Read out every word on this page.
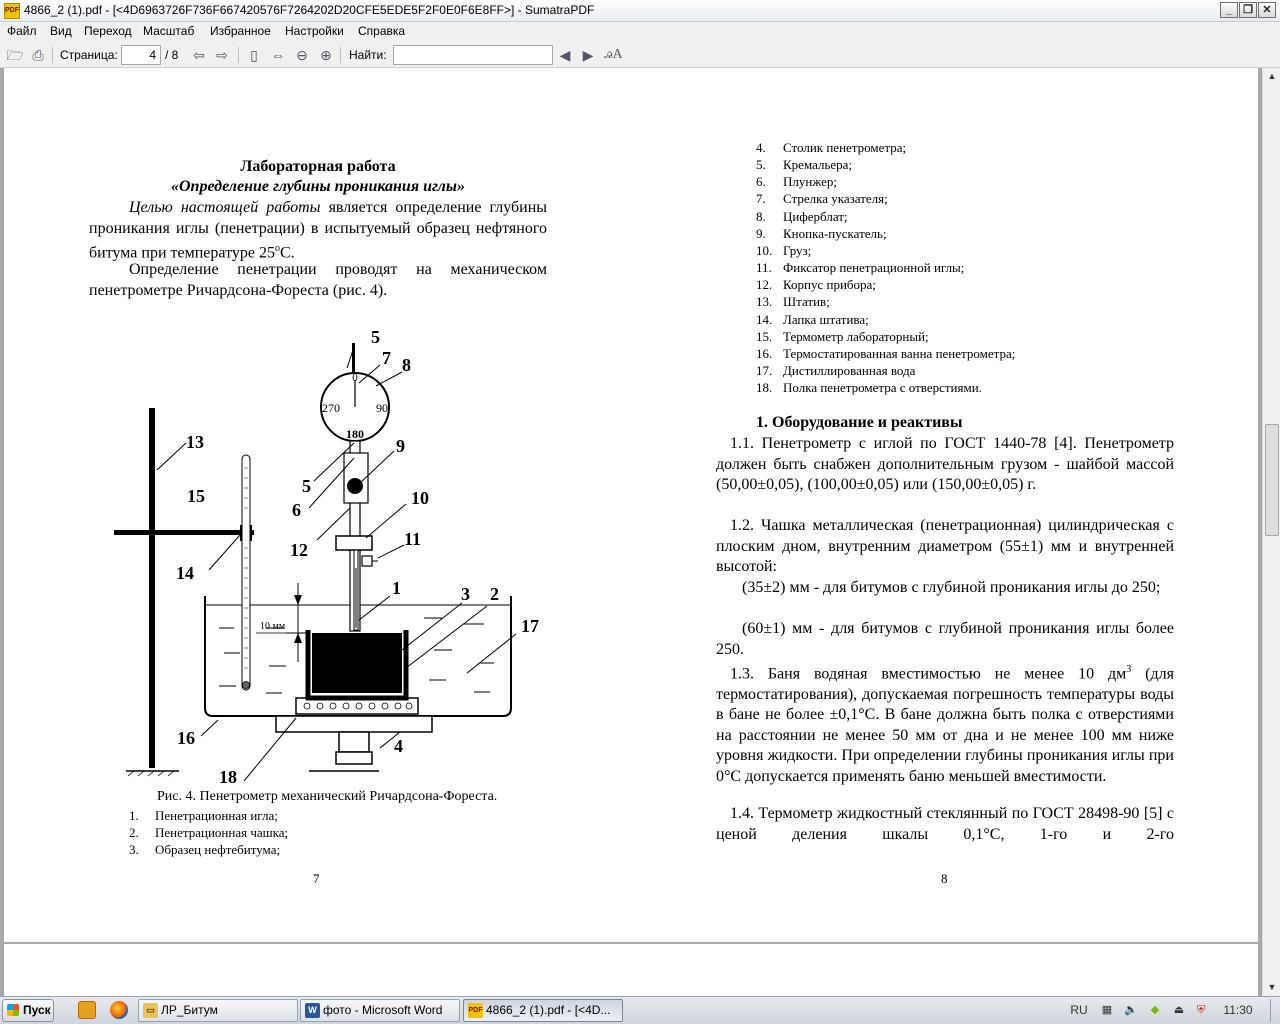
PDF 4866_2 (1).pdf - [<4D6963726F736F667420576F7264202D20CFE5EDE5F2F0E0F6E8FF>] - SumatraPDF	_	❐ ✕
Файл Вид Переход Масштаб Избранное Настройки Справка
🗁 ⎙ Страница:
4	/ 8 ⇦ ⇨	▯ ⇔ ⊖ ⊕ Найти:	◀ ▶ ꭿA
Лабораторная работа
«Определение глубины проникания иглы»
Целью настоящей работы является определение глубины проникания иглы (пенетрации) в испытуемый образец нефтяного битума при температуре 25$^o$С.
Определение пенетрации проводят на механическом пенетрометре Ричардсона-Фореста (рис. 4).
0
270	90
180
10 мм
5
7 8
9
5
6
10
12
11
13
15
14
1	3 2
17
16	4
18
Рис. 4. Пенетрометр механический Ричардсона-Фореста.
1. Пенетрационная игла;
2. Пенетрационная чашка;
3. Образец нефтебитума;
7
4. Столик пенетрометра;
5. Кремальера;
6. Плунжер;
7. Стрелка указателя;
8. Циферблат;
9. Кнопка-пускатель;
10. Груз;
11. Фиксатор пенетрационной иглы;
12. Корпус прибора;
13. Штатив;
14. Лапка штатива;
15. Термометр лабораторный;
16. Термостатированная ванна пенетрометра;
17. Дистиллированная вода
18. Полка пенетрометра с отверстиями.
1. Оборудование и реактивы
1.1. Пенетрометр с иглой по ГОСТ 1440-78 [4]. Пенетрометр должен быть снабжен дополнительным грузом - шайбой массой (50,00±0,05), (100,00±0,05) или (150,00±0,05) г.
1.2. Чашка металлическая (пенетрационная) цилиндрическая с плоским дном, внутренним диаметром (55±1) мм и внутренней высотой:
(35±2) мм - для битумов с глубиной проникания иглы до 250;
(60±1) мм - для битумов с глубиной проникания иглы более 250.
1.3. Баня водяная вместимостью не менее 10 $дм^3$ (для термостатирования), допускаемая погрешность температуры воды в бане не более ±0,1°С. В бане должна быть полка с отверстиями на расстоянии не менее 50 мм от дна и не менее 100 мм ниже уровня жидкости. При определении глубины проникания иглы при 0°С допускается применять баню меньшей вместимости.
1.4. Термометр жидкостный стеклянный по ГОСТ 28498-90 [5] с ценой деления шкалы 0,1°С, 1-го и 2-го
8
▲
▼
Пуск	▭ ЛР_Битум	W фото - Microsoft Word	PDF 4866_2 (1).pdf - [<4D...	RU ▦ 🔈 ◆ ⏏ ⛨ 11:30
